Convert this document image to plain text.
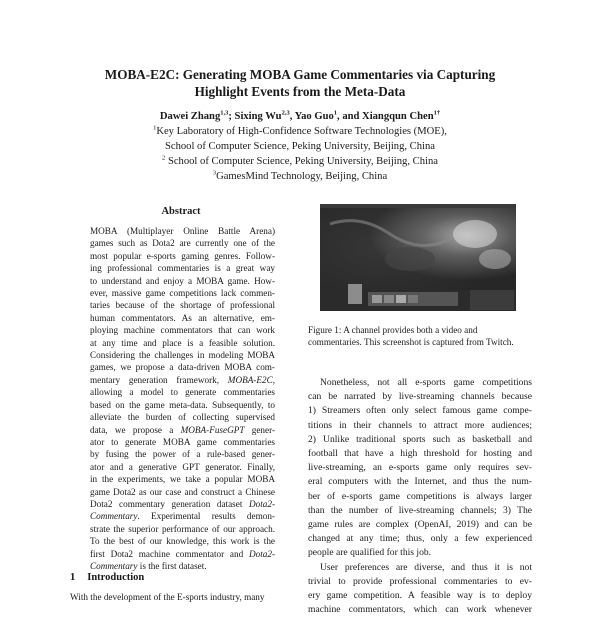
MOBA-E2C: Generating MOBA Game Commentaries via Capturing
Highlight Events from the Meta-Data
Dawei Zhang$^{1,3}$; Sixing Wu$^{2,3}$, Yao Guo$^1$, and Xiangqun Chen$^{1\dagger}$
$^1$Key Laboratory of High-Confidence Software Technologies (MOE),
School of Computer Science, Peking University, Beijing, China
$^2$ School of Computer Science, Peking University, Beijing, China
$^3$GamesMind Technology, Beijing, China
Abstract
MOBA (Multiplayer Online Battle Arena)
games such as Dota2 are currently one of the
most popular e-sports gaming genres. Follow-
ing professional commentaries is a great way
to understand and enjoy a MOBA game. How-
ever, massive game competitions lack commen-
taries because of the shortage of professional
human commentators. As an alternative, em-
ploying machine commentators that can work
at any time and place is a feasible solution.
Considering the challenges in modeling MOBA
games, we propose a data-driven MOBA com-
mentary generation framework, MOBA-E2C,
allowing a model to generate commentaries
based on the game meta-data. Subsequently, to
alleviate the burden of collecting supervised
data, we propose a MOBA-FuseGPT gener-
ator to generate MOBA game commentaries
by fusing the power of a rule-based gener-
ator and a generative GPT generator. Finally,
in the experiments, we take a popular MOBA
game Dota2 as our case and construct a Chinese
Dota2 commentary generation dataset Dota2-
Commentary. Experimental results demon-
strate the superior performance of our approach.
To the best of our knowledge, this work is the
first Dota2 machine commentator and Dota2-
Commentary is the first dataset.
1 Introduction
With the development of the E-sports industry, many
Figure 1: A channel provides both a video and commentaries. This screenshot is captured from Twitch.
Nonetheless, not all e-sports game competitions
can be narrated by live-streaming channels because
1) Streamers often only select famous game compe-
titions in their channels to attract more audiences;
2) Unlike traditional sports such as basketball and
football that have a high threshold for hosting and
live-streaming, an e-sports game only requires sev-
eral computers with the Internet, and thus the num-
ber of e-sports game competitions is always larger
than the number of live-streaming channels; 3) The
game rules are complex (OpenAI, 2019) and can be
changed at any time; thus, only a few experienced
people are qualified for this job.
User preferences are diverse, and thus it is not
trivial to provide professional commentaries to ev-
ery game competition. A feasible way is to deploy
machine commentators, which can work whenever
